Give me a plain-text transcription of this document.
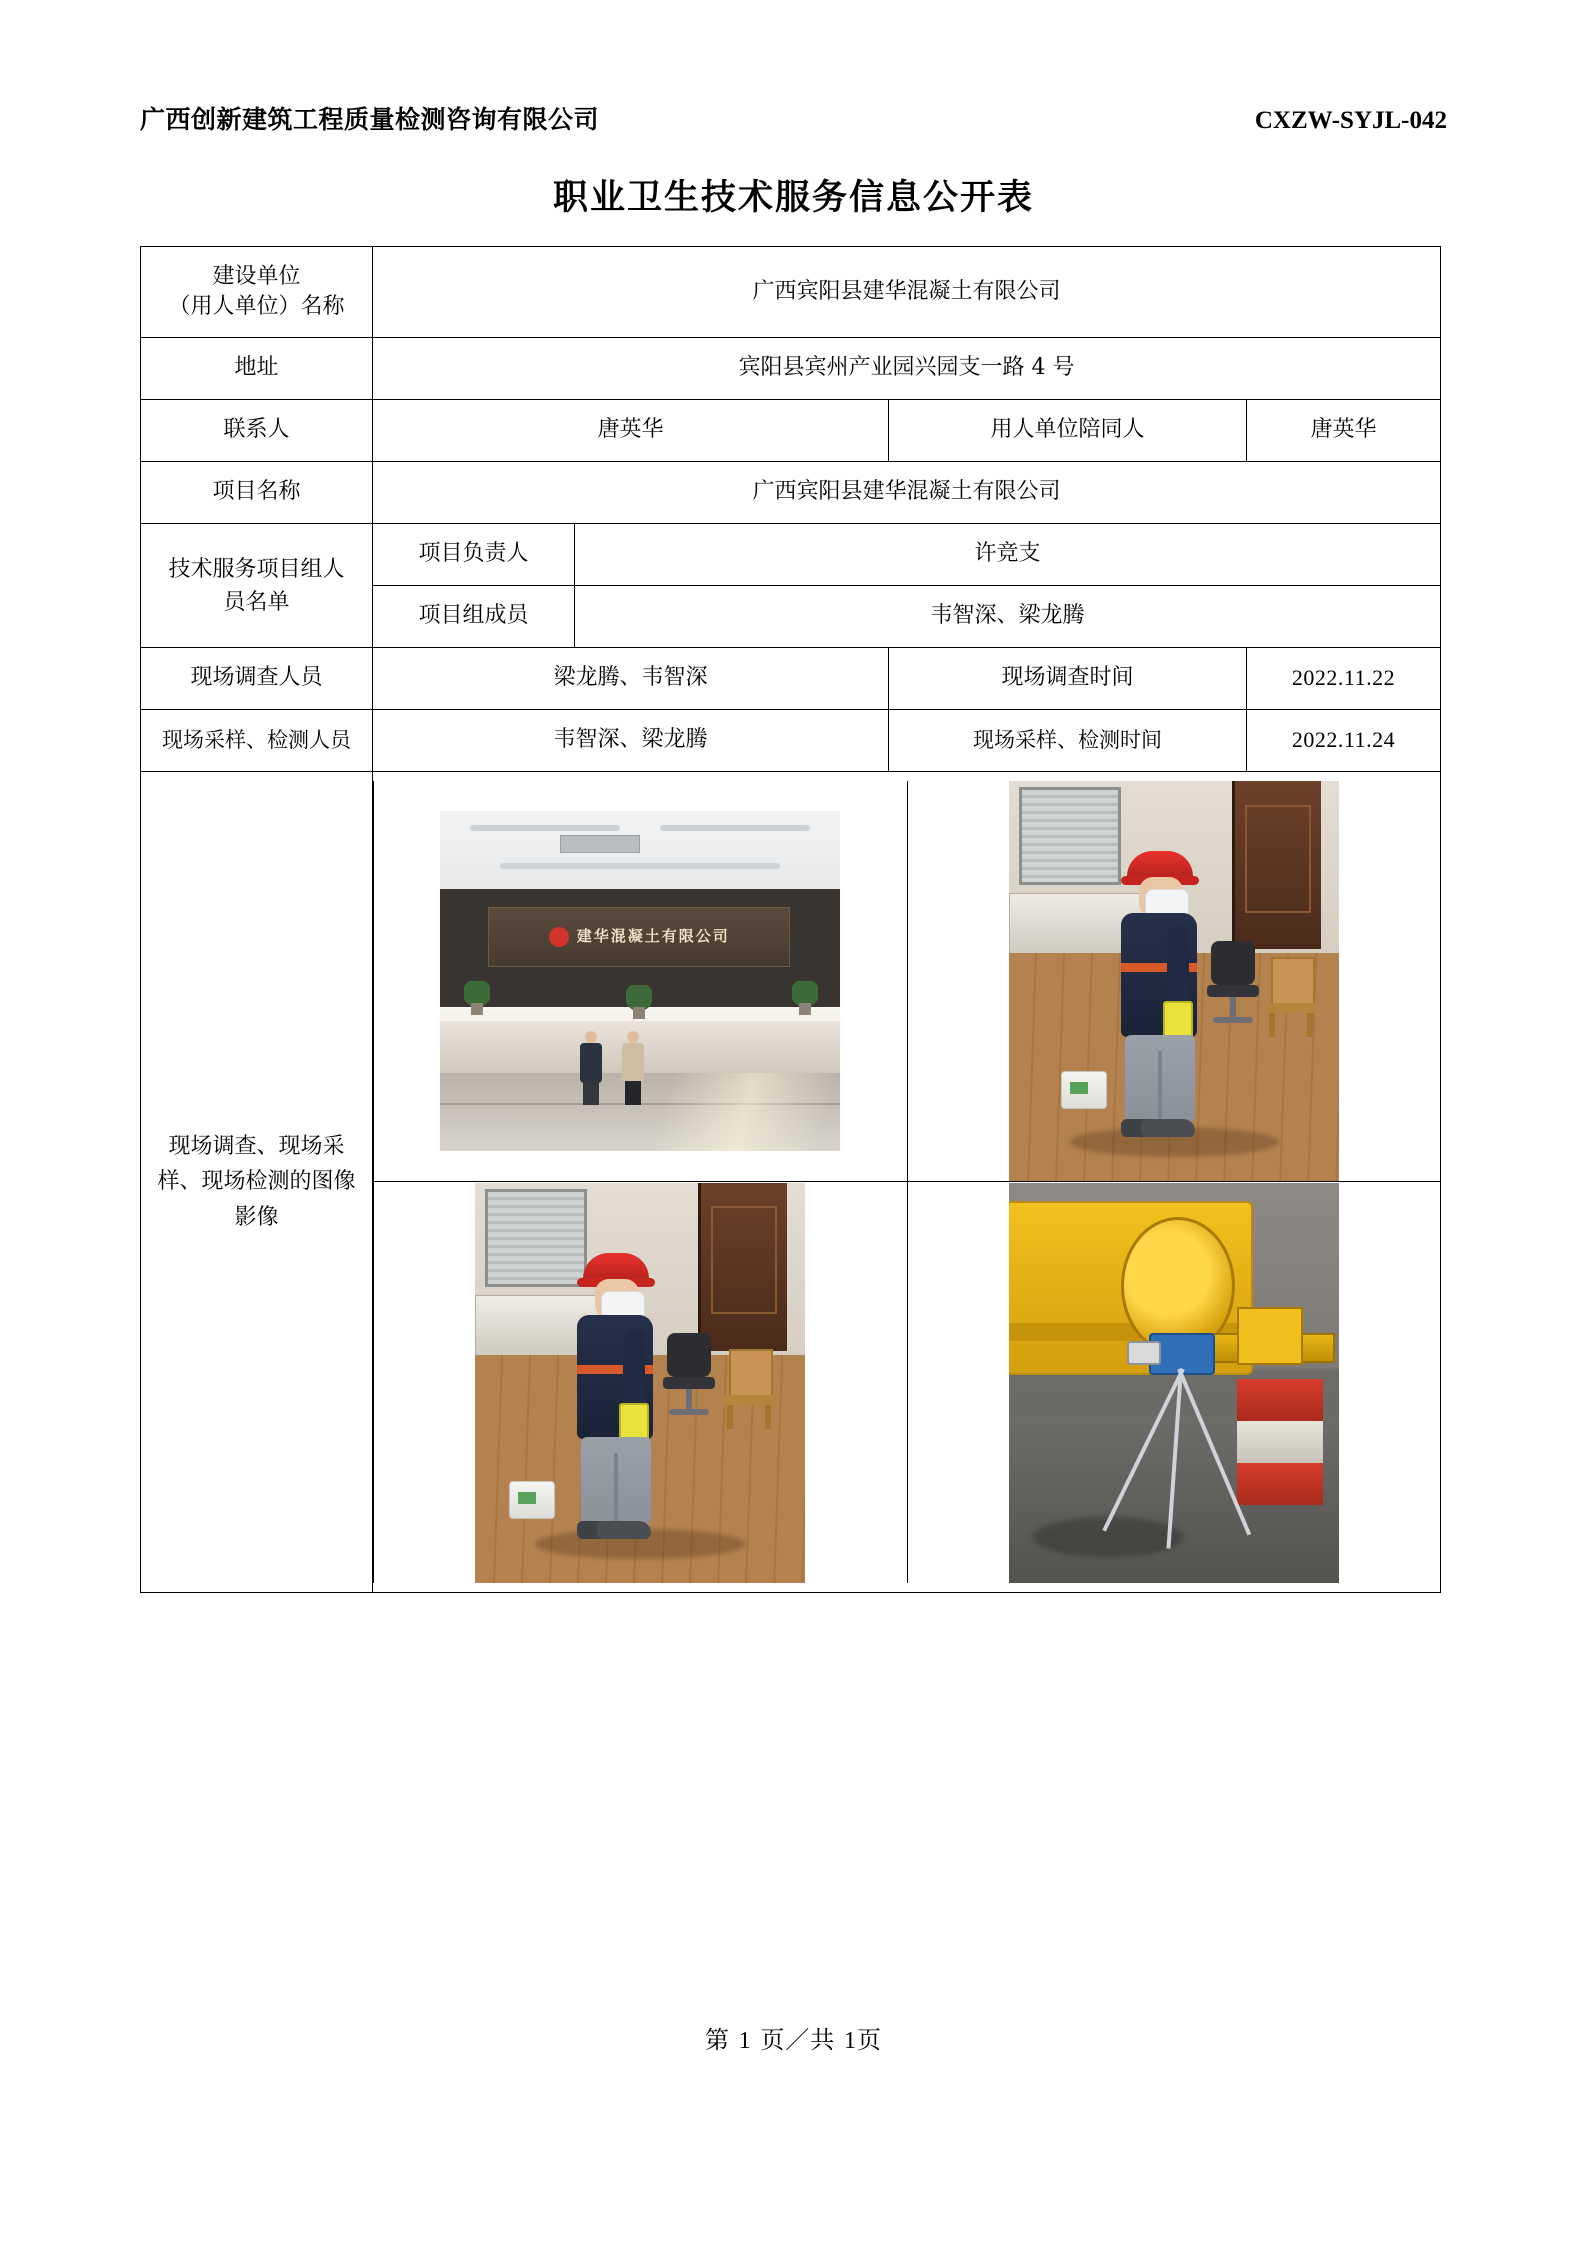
广西创新建筑工程质量检测咨询有限公司	CXZW-SYJL-042
职业卫生技术服务信息公开表
建设单位
（用人单位）名称	广西宾阳县建华混凝土有限公司			
地址	宾阳县宾州产业园兴园支一路 4 号			
联系人	唐英华		用人单位陪同人	唐英华
项目名称	广西宾阳县建华混凝土有限公司			

技术服务项目组人
员名单	项目负责人	许竞支		
	项目组成员	韦智深、梁龙腾		
现场调查人员	梁龙腾、韦智深		现场调查时间	2022.11.22
现场采样、检测人员	韦智深、梁龙腾		现场采样、检测时间	2022.11.24

现场调查、现场采
样、现场检测的图像
影像	建华混凝土有限公司			
第 1 页／共 1页
